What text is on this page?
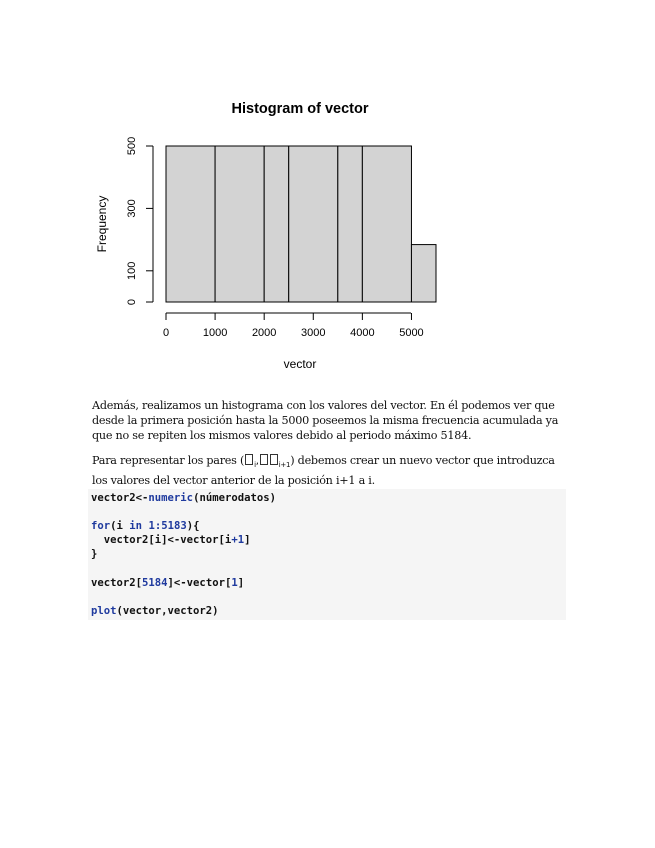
Histogram of vector
0
100
300
500
0	1000 2000 3000 4000 5000
vector
Frequency

Además, realizamos un histograma con los valores del vector. En él podemos ver que desde la primera posición hasta la 5000 poseemos la misma frecuencia acumulada ya que no se repiten los mismos valores debido al periodo máximo 5184.

Para representar los pares ( $_i$,	$_{i+1}$) debemos crear un nuevo vector que introduzca los valores del vector anterior de la posición i+1 a i.

vector2<-numeric(númerodatos)
for(i in 1:5183){
vector2[i]<-vector[i+1]
}
vector2[5184]<-vector[1]
plot(vector,vector2)
